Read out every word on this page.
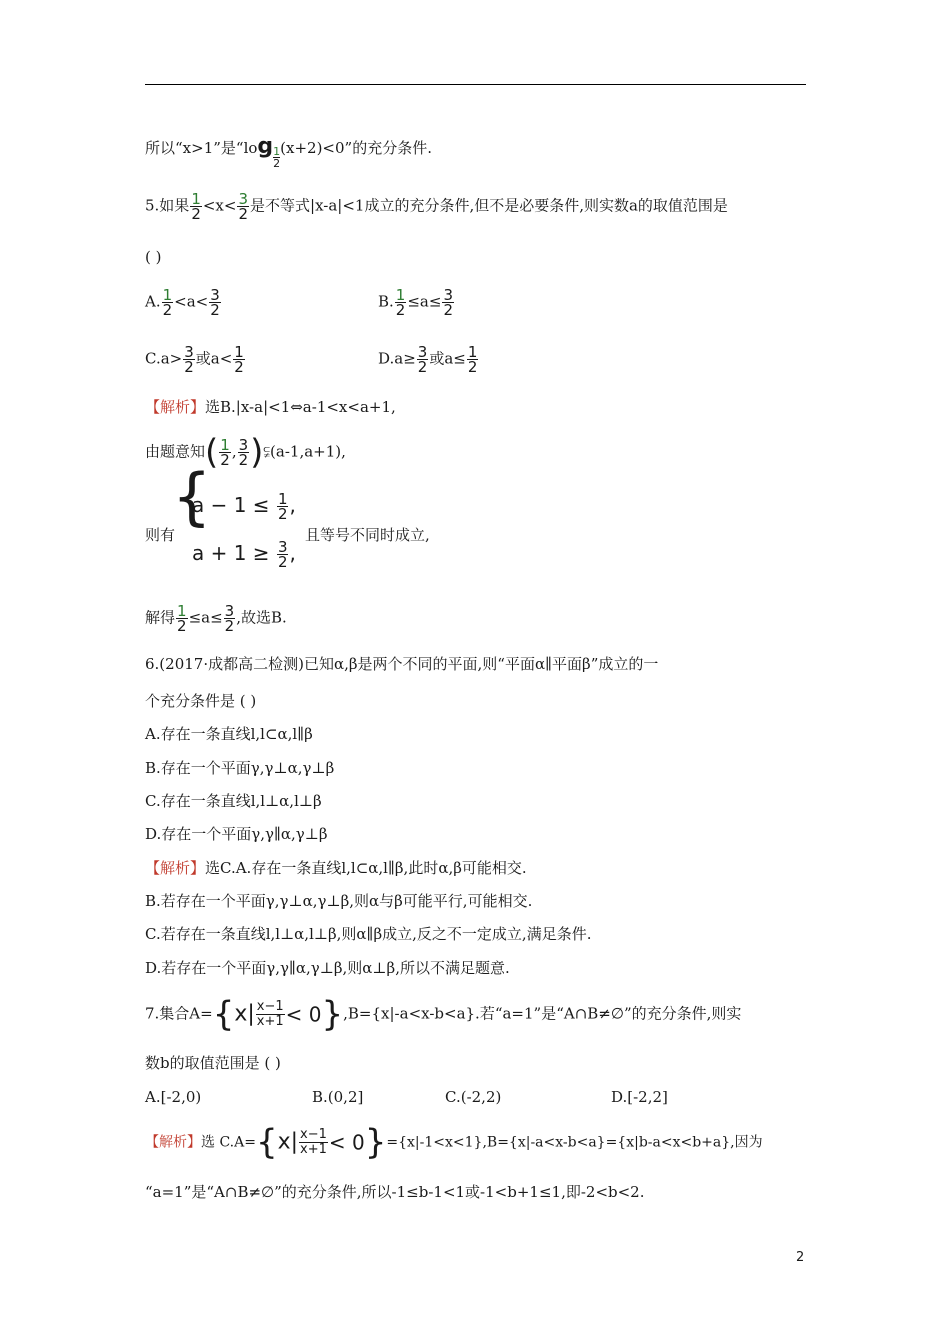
所以“x>1”是“$\log \frac{1}{2} (x+2)<0$”的充分条件.
5.如果 $\frac{1}{2} <x< \frac{3}{2}$ 是不等式|x-a|<1成立的充分条件,但不是必要条件,则实数a的取值范围是
( )
A. $\frac{1}{2} <a< \frac{3}{2}$	B. $\frac{1}{2} \le a\le \frac{3}{2}$
$C.a> \frac{3}{2}$ 或$a< \frac{1}{2}$	$D.a\ge \frac{3}{2}$ 或$a\le \frac{1}{2}$
【解析】选B.|x-a|<1⇔a-1<x<a+1,
由题意知( $\frac{1}{2}$ , $\frac{3}{2}$ )⫋(a-1,a+1),
则有
{
$a - 1 \le \frac{1}{2}$ ,
$a + 1 \ge \frac{3}{2}$ ,
且等号不同时成立,
解得 $\frac{1}{2} \le a\le \frac{3}{2}$ ,故选B.
6.(2017·成都高二检测)已知α,β是两个不同的平面,则“平面α∥平面β”成立的一
个充分条件是 ( )
A.存在一条直线l,l⊂α,l∥β
B.存在一个平面γ,γ⊥α,γ⊥β
C.存在一条直线l,l⊥α,l⊥β
D.存在一个平面γ,γ∥α,γ⊥β
【解析】选C.A.存在一条直线l,l⊂α,l∥β,此时α,β可能相交.
B.若存在一个平面γ,γ⊥α,γ⊥β,则α与β可能平行,可能相交.
C.若存在一条直线l,l⊥α,l⊥β,则α∥β成立,反之不一定成立,满足条件.
D.若存在一个平面γ,γ∥α,γ⊥β,则α⊥β,所以不满足题意.
7.集合$A=\{x| \frac{x-1}{x+1} < 0\},B=\{x|-a<x-b<a\}$.若“a=1”是“A∩B≠∅”的充分条件,则实
数b的取值范围是 ( )
A.[-2,0)	B.(0,2]	C.(-2,2)	D.[-2,2]
【解析】选 $C.A=\{x| \frac{x-1}{x+1} < 0\}=\{x|-1<x<1\},B=\{x|-a<x-b<a\}=\{x|b-a<x<b+a\}$,因为
“a=1”是“A∩B≠∅”的充分条件,所以-1≤b-1<1或-1<b+1≤1,即-2<b<2.
2
